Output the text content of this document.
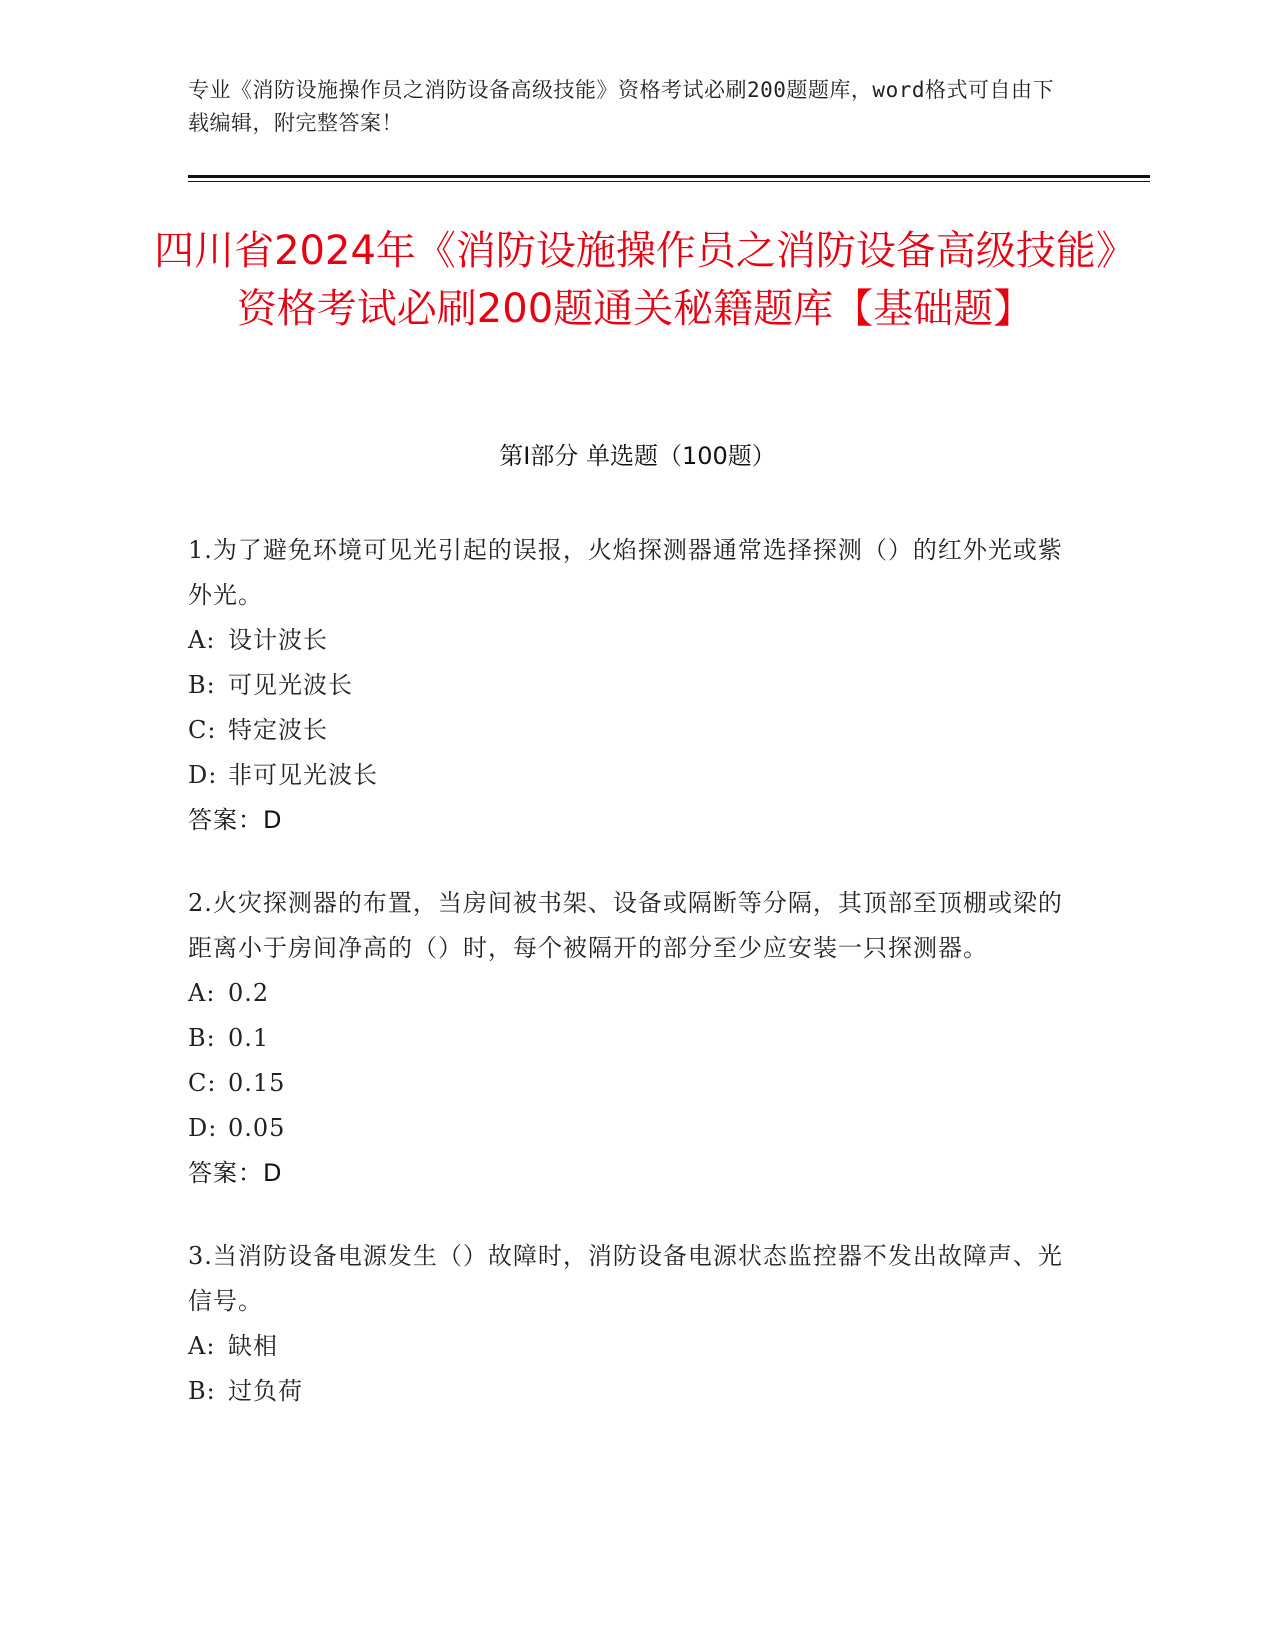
专业《消防设施操作员之消防设备高级技能》资格考试必刷200题题库，word格式可自由下载编辑，附完整答案！
四川省2024年《消防设施操作员之消防设备高级技能》资格考试必刷200题通关秘籍题库【基础题】
第I部分 单选题（100题）
1.为了避免环境可见光引起的误报，火焰探测器通常选择探测（）的红外光或紫外光。
A: 设计波长
B: 可见光波长
C: 特定波长
D: 非可见光波长
答案：D
2.火灾探测器的布置，当房间被书架、设备或隔断等分隔，其顶部至顶棚或梁的距离小于房间净高的（）时，每个被隔开的部分至少应安装一只探测器。
A: 0.2
B: 0.1
C: 0.15
D: 0.05
答案：D
3.当消防设备电源发生（）故障时，消防设备电源状态监控器不发出故障声、光信号。
A: 缺相
B: 过负荷
